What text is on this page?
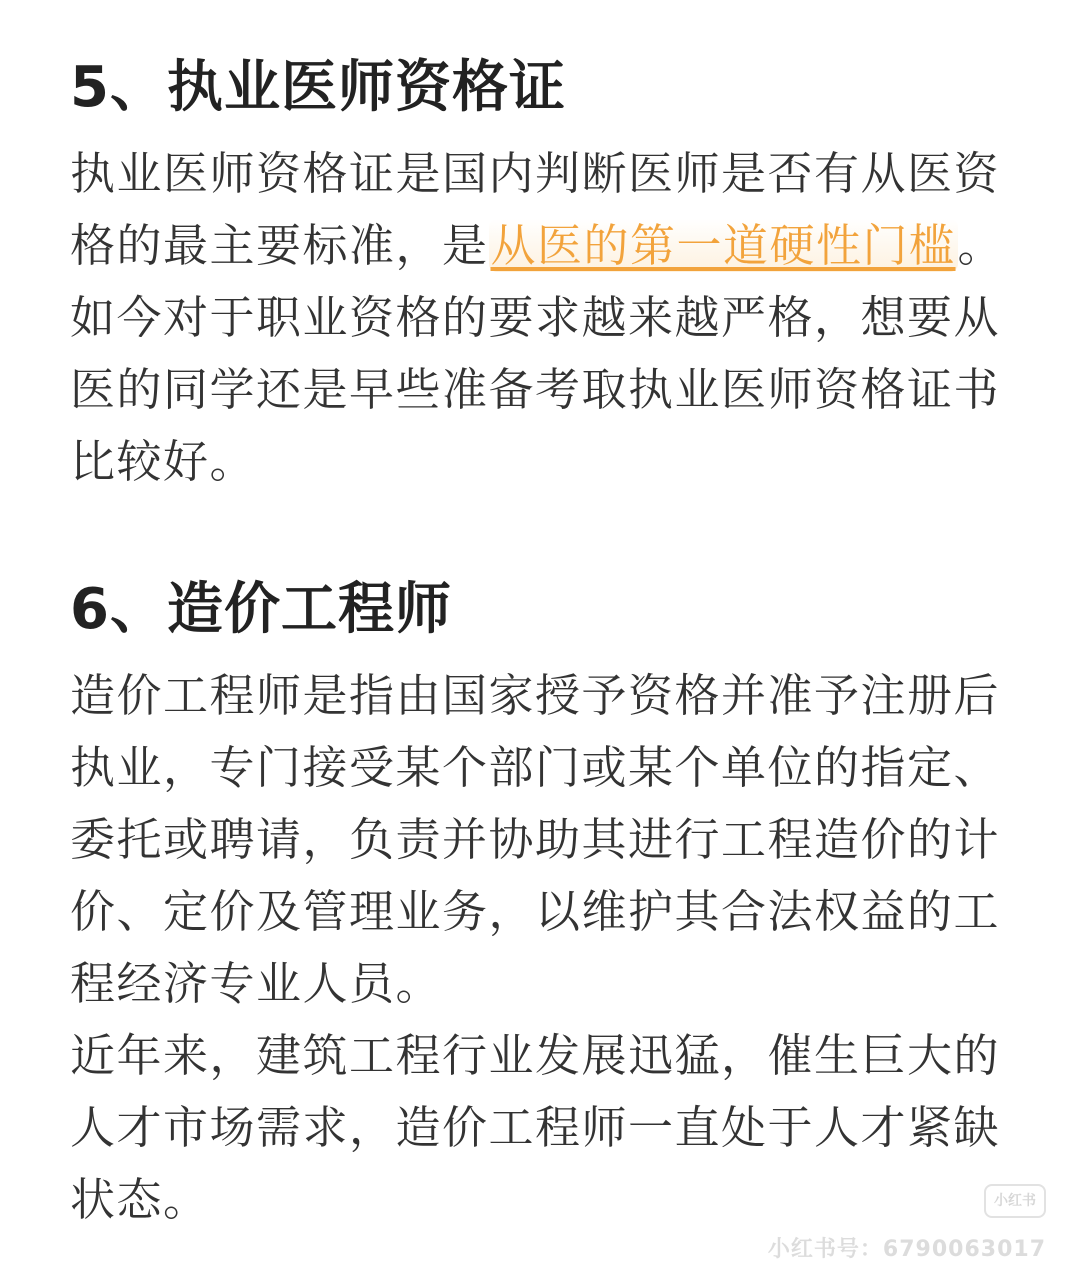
5、执业医师资格证

执业医师资格证是国内判断医师是否有从医资格的最主要标准，是从医的第一道硬性门槛。
如今对于职业资格的要求越来越严格，想要从医的同学还是早些准备考取执业医师资格证书比较好。

6、造价工程师

造价工程师是指由国家授予资格并准予注册后执业，专门接受某个部门或某个单位的指定、委托或聘请，负责并协助其进行工程造价的计价、定价及管理业务，以维护其合法权益的工程经济专业人员。

近年来，建筑工程行业发展迅猛，催生巨大的人才市场需求，造价工程师一直处于人才紧缺状态。	小红书
小红书号：6790063017
